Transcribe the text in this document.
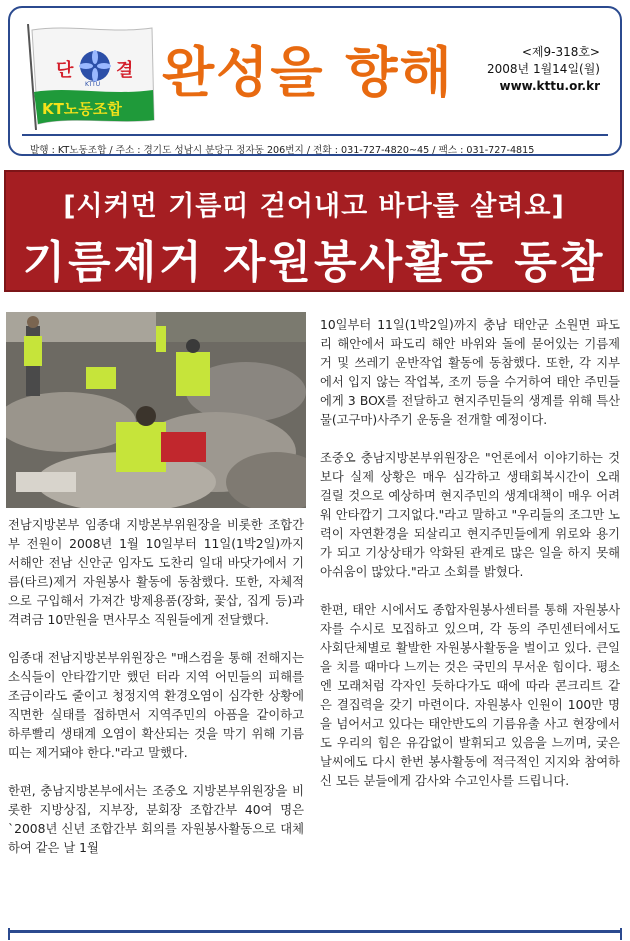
단 결
KTTU
KT노동조합
완성을 향해	<제9-318호>
2008년 1월14일(월)
www.kttu.or.kr
발행 : KT노동조합 / 주소 : 경기도 성남시 분당구 정자동 206번지 / 전화 : 031-727-4820~45 / 팩스 : 031-727-4815
[시커먼 기름띠 걷어내고 바다를 살려요]
기름제거 자원봉사활동 동참

전남지방본부 임종대 지방본부위원장을 비롯한 조합간부 전원이 2008년 1월 10일부터 11일(1박2일)까지 서해안 전남 신안군 임자도 도찬리 일대 바닷가에서 기름(타르)제거 자원봉사 활동에 동참했다. 또한, 자체적으로 구입해서 가져간 방제용품(장화, 꽃삽, 집게 등)과 격려금 10만원을 면사무소 직원들에게 전달했다.

임종대 전남지방본부위원장은 "매스컴을 통해 전해지는 소식들이 안타깝기만 했던 터라 지역 어민들의 피해를 조금이라도 줄이고 청정지역 환경오염이 심각한 상황에 직면한 실태를 접하면서 지역주민의 아픔을 같이하고 하루빨리 생태계 오염이 확산되는 것을 막기 위해 기름띠는 제거돼야 한다."라고 말했다.

한편, 충남지방본부에서는 조중오 지방본부위원장을 비롯한 지방상집, 지부장, 분회장 조합간부 40여 명은 `2008년 신년 조합간부 회의를 자원봉사활동으로 대체하여 같은 날 1월

10일부터 11일(1박2일)까지 충남 태안군 소원면 파도리 해안에서 파도리 해안 바위와 돌에 묻어있는 기름제거 및 쓰레기 운반작업 활동에 동참했다. 또한, 각 지부에서 입지 않는 작업복, 조끼 등을 수거하여 태안 주민들에게 3 BOX를 전달하고 현지주민들의 생계를 위해 특산물(고구마)사주기 운동을 전개할 예정이다.

조중오 충남지방본부위원장은 "언론에서 이야기하는 것보다 실제 상황은 매우 심각하고 생태회복시간이 오래 걸릴 것으로 예상하며 현지주민의 생계대책이 매우 어려워 안타깝기 그지없다."라고 말하고 "우리들의 조그만 노력이 자연환경을 되살리고 현지주민들에게 위로와 용기가 되고 기상상태가 악화된 관계로 많은 일을 하지 못해 아쉬움이 많았다."라고 소회를 밝혔다.

한편, 태안 시에서도 종합자원봉사센터를 통해 자원봉사자를 수시로 모집하고 있으며, 각 동의 주민센터에서도 사회단체별로 활발한 자원봉사활동을 벌이고 있다. 큰일을 치를 때마다 느끼는 것은 국민의 무서운 힘이다. 평소엔 모래처럼 각자인 듯하다가도 때에 따라 콘크리트 같은 결집력을 갖기 마련이다. 자원봉사 인원이 100만 명을 넘어서고 있다는 태안반도의 기름유출 사고 현장에서도 우리의 힘은 유감없이 발휘되고 있음을 느끼며, 궂은 날씨에도 다시 한번 봉사활동에 적극적인 지지와 참여하신 모든 분들에게 감사와 수고인사를 드립니다.
